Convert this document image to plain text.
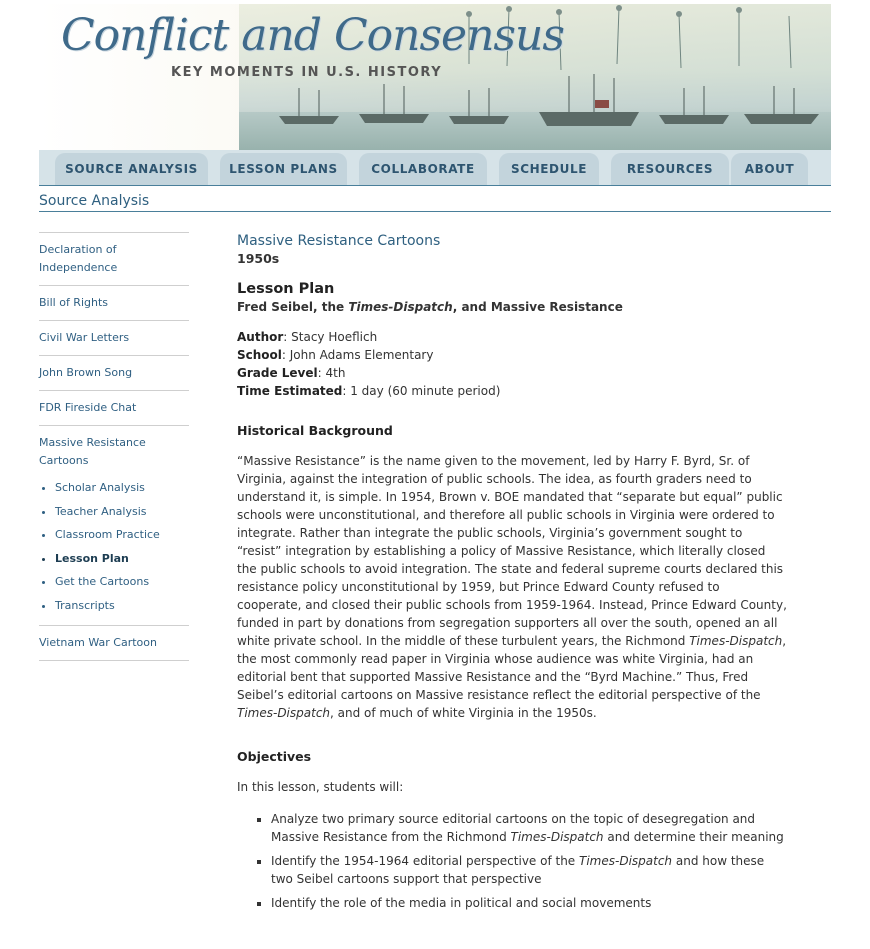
Conflict and Consensus
KEY MOMENTS IN U.S. HISTORY
SOURCE ANALYSIS	LESSON PLANS	COLLABORATE	SCHEDULE	RESOURCES	ABOUT
Source Analysis
Declaration of Independence
Bill of Rights
Civil War Letters
John Brown Song
FDR Fireside Chat
Massive Resistance Cartoons
• Scholar Analysis
• Teacher Analysis
• Classroom Practice
• Lesson Plan
• Get the Cartoons
• Transcripts
Vietnam War Cartoon
Massive Resistance Cartoons
1950s
Lesson Plan
Fred Seibel, the Times-Dispatch, and Massive Resistance
Author: Stacy Hoeflich
School: John Adams Elementary
Grade Level: 4th
Time Estimated: 1 day (60 minute period)
Historical Background

“Massive Resistance” is the name given to the movement, led by Harry F. Byrd, Sr. of Virginia, against the integration of public schools. The idea, as fourth graders need to understand it, is simple. In 1954, Brown v. BOE mandated that “separate but equal” public schools were unconstitutional, and therefore all public schools in Virginia were ordered to integrate. Rather than integrate the public schools, Virginia’s government sought to “resist” integration by establishing a policy of Massive Resistance, which literally closed the public schools to avoid integration. The state and federal supreme courts declared this resistance policy unconstitutional by 1959, but Prince Edward County refused to cooperate, and closed their public schools from 1959-1964. Instead, Prince Edward County, funded in part by donations from segregation supporters all over the south, opened an all white private school. In the middle of these turbulent years, the Richmond Times-Dispatch, the most commonly read paper in Virginia whose audience was white Virginia, had an editorial bent that supported Massive Resistance and the “Byrd Machine.” Thus, Fred Seibel’s editorial cartoons on Massive resistance reflect the editorial perspective of the Times-Dispatch, and of much of white Virginia in the 1950s.

Objectives

In this lesson, students will:

▪ Analyze two primary source editorial cartoons on the topic of desegregation and Massive Resistance from the Richmond Times-Dispatch and determine their meaning
▪ Identify the 1954-1964 editorial perspective of the Times-Dispatch and how these two Seibel cartoons support that perspective
▪ Identify the role of the media in political and social movements
